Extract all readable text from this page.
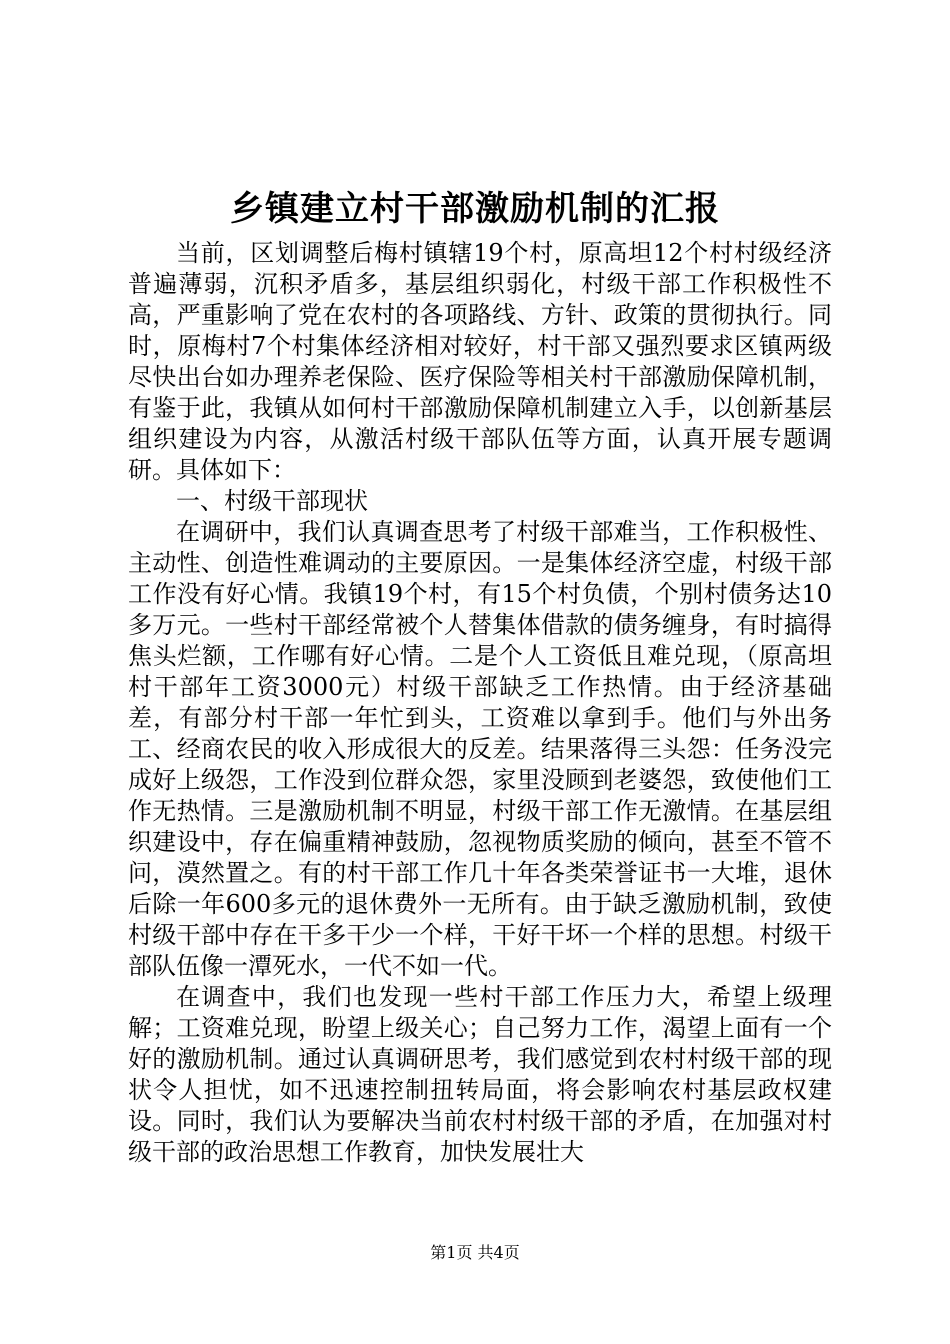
乡镇建立村干部激励机制的汇报

当前，区划调整后梅村镇辖19个村，原高坦12个村村级经济普遍薄弱，沉积矛盾多，基层组织弱化，村级干部工作积极性不高，严重影响了党在农村的各项路线、方针、政策的贯彻执行。同时，原梅村7个村集体经济相对较好，村干部又强烈要求区镇两级尽快出台如办理养老保险、医疗保险等相关村干部激励保障机制，有鉴于此，我镇从如何村干部激励保障机制建立入手，以创新基层组织建设为内容，从激活村级干部队伍等方面，认真开展专题调研。具体如下：

一、村级干部现状

在调研中，我们认真调查思考了村级干部难当，工作积极性、主动性、创造性难调动的主要原因。一是集体经济空虚，村级干部工作没有好心情。我镇19个村，有15个村负债，个别村债务达10多万元。一些村干部经常被个人替集体借款的债务缠身，有时搞得焦头烂额，工作哪有好心情。二是个人工资低且难兑现，（原高坦村干部年工资3000元）村级干部缺乏工作热情。由于经济基础差，有部分村干部一年忙到头，工资难以拿到手。他们与外出务工、经商农民的收入形成很大的反差。结果落得三头怨：任务没完成好上级怨，工作没到位群众怨，家里没顾到老婆怨，致使他们工作无热情。三是激励机制不明显，村级干部工作无激情。在基层组织建设中，存在偏重精神鼓励，忽视物质奖励的倾向，甚至不管不问，漠然置之。有的村干部工作几十年各类荣誉证书一大堆，退休后除一年600多元的退休费外一无所有。由于缺乏激励机制，致使村级干部中存在干多干少一个样，干好干坏一个样的思想。村级干部队伍像一潭死水，一代不如一代。

在调查中，我们也发现一些村干部工作压力大，希望上级理解；工资难兑现，盼望上级关心；自己努力工作，渴望上面有一个好的激励机制。通过认真调研思考，我们感觉到农村村级干部的现状令人担忧，如不迅速控制扭转局面，将会影响农村基层政权建设。同时，我们认为要解决当前农村村级干部的矛盾，在加强对村级干部的政治思想工作教育，加快发展壮大

第1页 共4页
